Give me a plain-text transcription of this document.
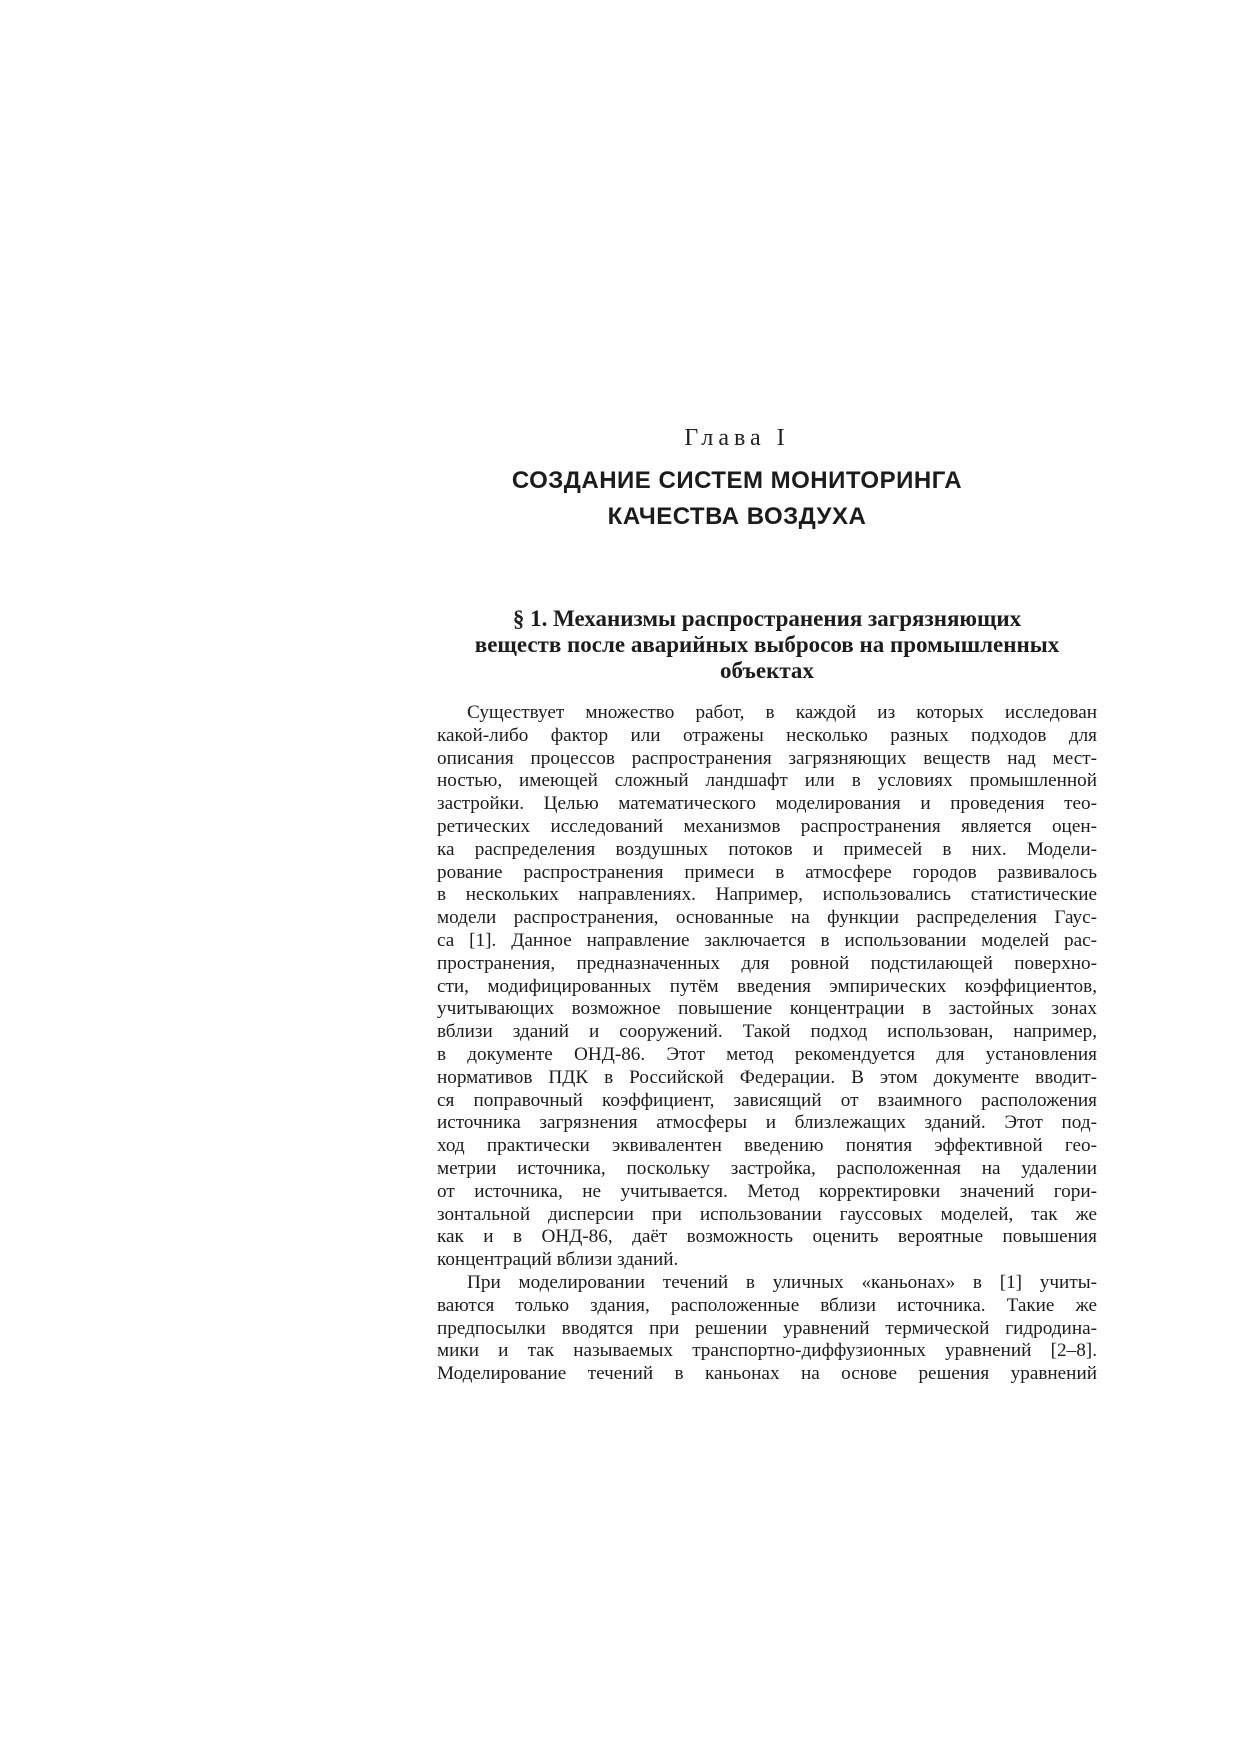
Глава I
СОЗДАНИЕ СИСТЕМ МОНИТОРИНГА
КАЧЕСТВА ВОЗДУХА
§ 1. Механизмы распространения загрязняющих
веществ после аварийных выбросов на промышленных
объектах
Существует множество работ, в каждой из которых исследован
какой-либо фактор или отражены несколько разных подходов для
описания процессов распространения загрязняющих веществ над мест-
ностью, имеющей сложный ландшафт или в условиях промышленной
застройки. Целью математического моделирования и проведения тео-
ретических исследований механизмов распространения является оцен-
ка распределения воздушных потоков и примесей в них. Модели-
рование распространения примеси в атмосфере городов развивалось
в нескольких направлениях. Например, использовались статистические
модели распространения, основанные на функции распределения Гаус-
са [1]. Данное направление заключается в использовании моделей рас-
пространения, предназначенных для ровной подстилающей поверхно-
сти, модифицированных путём введения эмпирических коэффициентов,
учитывающих возможное повышение концентрации в застойных зонах
вблизи зданий и сооружений. Такой подход использован, например,
в документе ОНД-86. Этот метод рекомендуется для установления
нормативов ПДК в Российской Федерации. В этом документе вводит-
ся поправочный коэффициент, зависящий от взаимного расположения
источника загрязнения атмосферы и близлежащих зданий. Этот под-
ход практически эквивалентен введению понятия эффективной гео-
метрии источника, поскольку застройка, расположенная на удалении
от источника, не учитывается. Метод корректировки значений гори-
зонтальной дисперсии при использовании гауссовых моделей, так же
как и в ОНД-86, даёт возможность оценить вероятные повышения
концентраций вблизи зданий.
При моделировании течений в уличных «каньонах» в [1] учиты-
ваются только здания, расположенные вблизи источника. Такие же
предпосылки вводятся при решении уравнений термической гидродина-
мики и так называемых транспортно-диффузионных уравнений [2–8].
Моделирование течений в каньонах на основе решения уравнений
